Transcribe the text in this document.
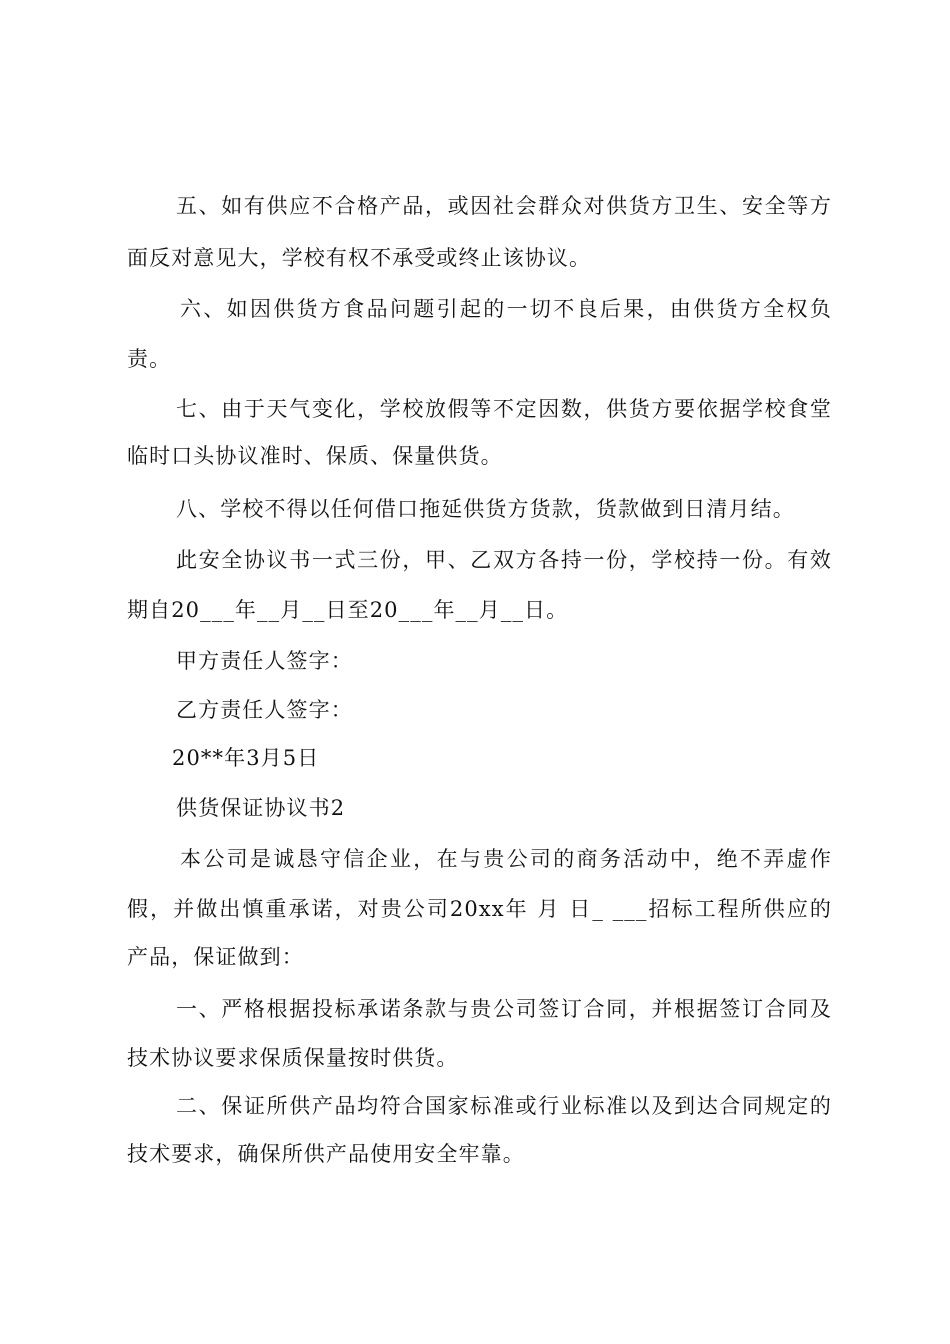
五、如有供应不合格产品，或因社会群众对供货方卫生、安全等方
面反对意见大，学校有权不承受或终止该协议。
六、如因供货方食品问题引起的一切不良后果，由供货方全权负
责。
七、由于天气变化，学校放假等不定因数，供货方要依据学校食堂
临时口头协议准时、保质、保量供货。
八、学校不得以任何借口拖延供货方货款，货款做到日清月结。
此安全协议书一式三份，甲、乙双方各持一份，学校持一份。有效
期自20___年__月__日至20___年__月__日。
甲方责任人签字：
乙方责任人签字：
20**年3月5日
供货保证协议书2
本公司是诚恳守信企业，在与贵公司的商务活动中，绝不弄虚作
假，并做出慎重承诺，对贵公司20xx年 月 日_ ___招标工程所供应的
产品，保证做到：
一、严格根据投标承诺条款与贵公司签订合同，并根据签订合同及
技术协议要求保质保量按时供货。
二、保证所供产品均符合国家标准或行业标准以及到达合同规定的
技术要求，确保所供产品使用安全牢靠。
